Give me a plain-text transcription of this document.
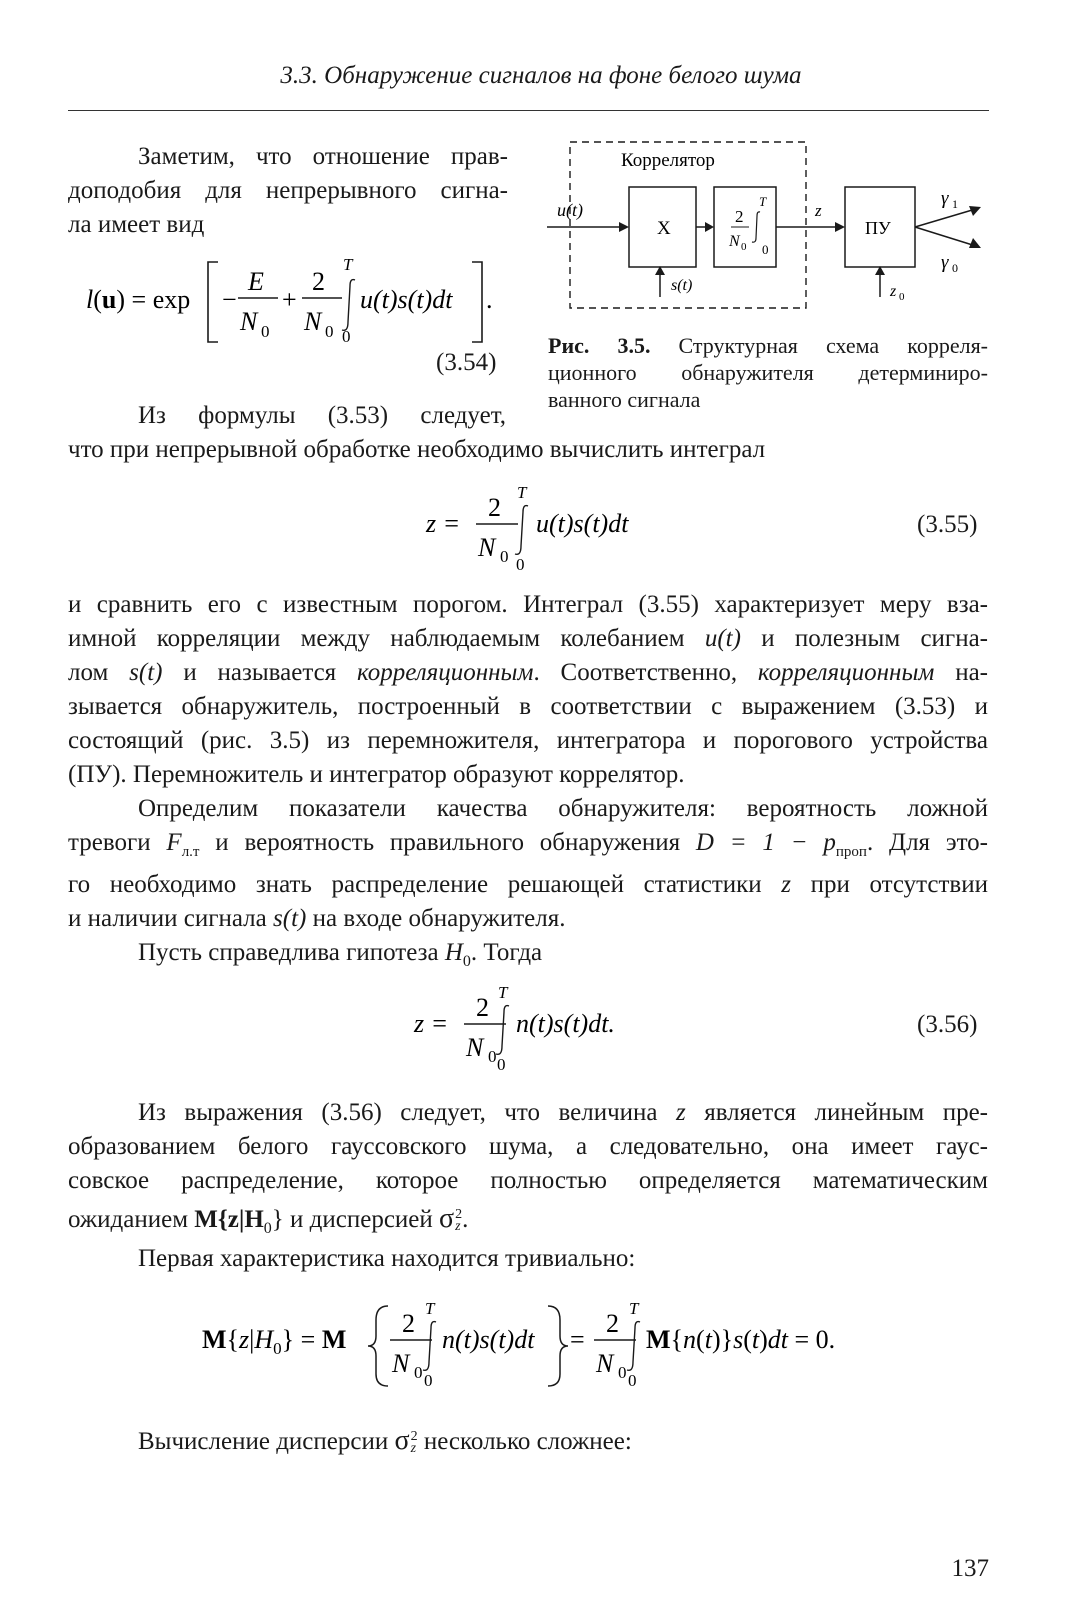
3.3. Обнаружение сигналов на фоне белого шума
Заметим, что отношение прав-
доподобия для непрерывного сигна-
ла имеет вид
l(u) = exp −
E
N 0
+
2
N 0
T
0
u(t)s(t)dt .
(3.54)
Коррелятор
u(t)
X
2
N 0
T
0
z
ПУ
γ 1
γ 0
s(t)	z 0
Рис. 3.5. Структурная схема корреля-
ционного обнаружителя детерминиро-
ванного сигнала
Из формулы (3.53) следует,
что при непрерывной обработке необходимо вычислить интеграл
z =
2
N 0
T
0
u(t)s(t)dt	(3.55)
и сравнить его с известным порогом. Интеграл (3.55) характеризует меру вза-
имной корреляции между наблюдаемым колебанием u(t) и полезным сигна-
лом s(t) и называется корреляционным. Соответственно, корреляционным на-
зывается обнаружитель, построенный в соответствии с выражением (3.53) и
состоящий (рис. 3.5) из перемножителя, интегратора и порогового устройства
(ПУ). Перемножитель и интегратор образуют коррелятор.
Определим показатели качества обнаружителя: вероятность ложной
тревоги $F_{л.т}$ и вероятность правильного обнаружения $D = 1 - p_{проп}$. Для это-
го необходимо знать распределение решающей статистики z при отсутствии
и наличии сигнала s(t) на входе обнаружителя.
Пусть справедлива гипотеза $H_0$. Тогда
z =
2
N 0
T
0
n(t)s(t)dt.	(3.56)
Из выражения (3.56) следует, что величина z является линейным пре-
образованием белого гауссовского шума, а следовательно, она имеет гаус-
совское распределение, которое полностью определяется математическим
ожиданием $M\{z|H_0\}$ и дисперсией σ 2
z .
Первая характеристика находится тривиально:
$M\{z|H_0\} = M$
2
N 0
T
0
n(t)s(t)dt =
2
N 0
T
0
M{n(t)}s(t)dt = 0.
Вычисление дисперсии σ 2
z несколько сложнее:
137
